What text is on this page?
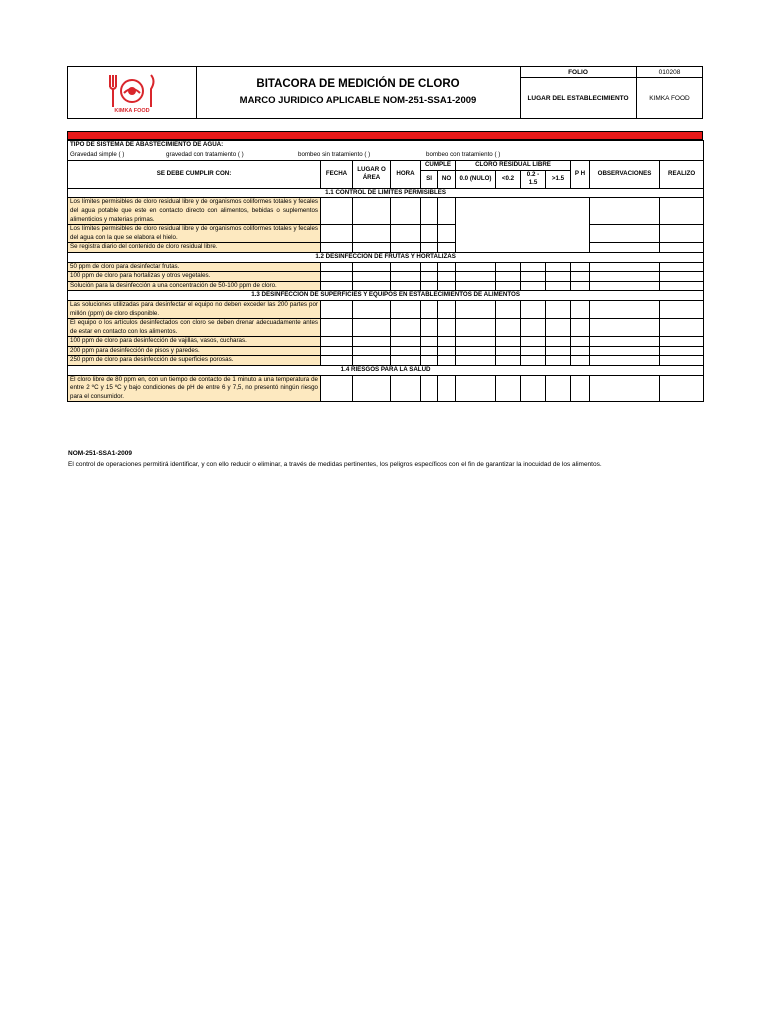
KIMKA FOOD
BITACORA DE MEDICIÓN DE CLORO
MARCO JURIDICO APLICABLE NOM-251-SSA1-2009
FOLIO	010208
LUGAR DEL ESTABLECIMIENTO	KIMKA FOOD
TIPO DE SISTEMA DE ABASTECIMIENTO DE AGUA:
Gravedad simple ( ) gravedad con tratamiento ( ) bombeo sin tratamiento ( ) bombeo con tratamiento ( )												

SE DEBE CUMPLIR CON:	FECHA	LUGAR O ÁREA	HORA	CUMPLE		CLORO RESIDUAL LIBRE				P H	OBSERVACIONES	REALIZO
				SI	NO	0.0 (NULO)	<0.2	0.2 - 1.5	>1.5			
1.1 CONTROL DE LIMITES PERMISIBLES												
Los límites permisibles de cloro residual libre y de organismos coliformes totales y fecales del agua potable que este en contacto directo con alimentos, bebidas o suplementos alimenticios y materias primas.												
Los límites permisibles de cloro residual libre y de organismos coliformes totales y fecales del agua con la que se elabora el hielo.												
Se registra diario del contenido de cloro residual libre.												
1.2 DESINFECCIÓN DE FRUTAS Y HORTALIZAS												
50 ppm de cloro para desinfectar frutas.												
100 ppm de cloro para hortalizas y otros vegetales.												
Solución para la desinfección a una concentración de 50-100 ppm de cloro.												
1.3 DESINFECCIÓN DE SUPERFICIES Y EQUIPOS EN ESTABLECIMIENTOS DE ALIMENTOS												
Las soluciones utilizadas para desinfectar el equipo no deben exceder las 200 partes por millón (ppm) de cloro disponible.												
El equipo o los artículos desinfectados con cloro se deben drenar adecuadamente antes de estar en contacto con los alimentos.												
100 ppm de cloro para desinfección de vajillas, vasos, cucharas.												
200 ppm para desinfección de pisos y paredes.												
250 ppm de cloro para desinfección de superficies porosas.												
1.4 RIESGOS PARA LA SALUD												
El cloro libre de 80 ppm en, con un tiempo de contacto de 1 minuto a una temperatura de entre 2 ºC y 15 ºC y bajo condiciones de pH de entre 6 y 7,5, no presentó ningún riesgo para el consumidor.												
NOM-251-SSA1-2009
El control de operaciones permitirá identificar, y con ello reducir o eliminar, a través de medidas pertinentes, los peligros específicos con el fin de garantizar la inocuidad de los alimentos.
